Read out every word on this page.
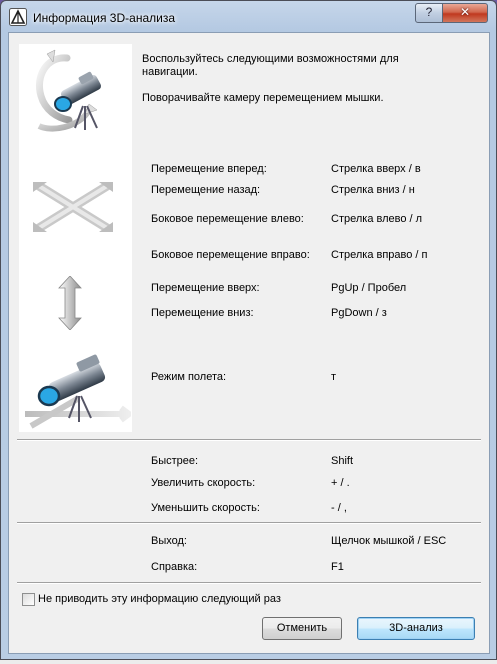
Информация 3D-анализа	?	✕
Воспользуйтесь следующими возможностями для
навигации.
Поворачивайте камеру перемещением мышки.
Перемещение вперед:	Стрелка вверх / в
Перемещение назад:	Стрелка вниз / н
Боковое перемещение влево: Стрелка влево / л
Боковое перемещение вправо: Стрелка вправо / п
Перемещение вверх:	PgUp / Пробел
Перемещение вниз:	PgDown / з
Режим полета:	т
Быстрее:	Shift
Увеличить скорость:	+ / .
Уменьшить скорость:	- / ,
Выход:	Щелчок мышкой / ESC
Справка:	F1
Не приводить эту информацию следующий раз
Отменить	3D-анализ
